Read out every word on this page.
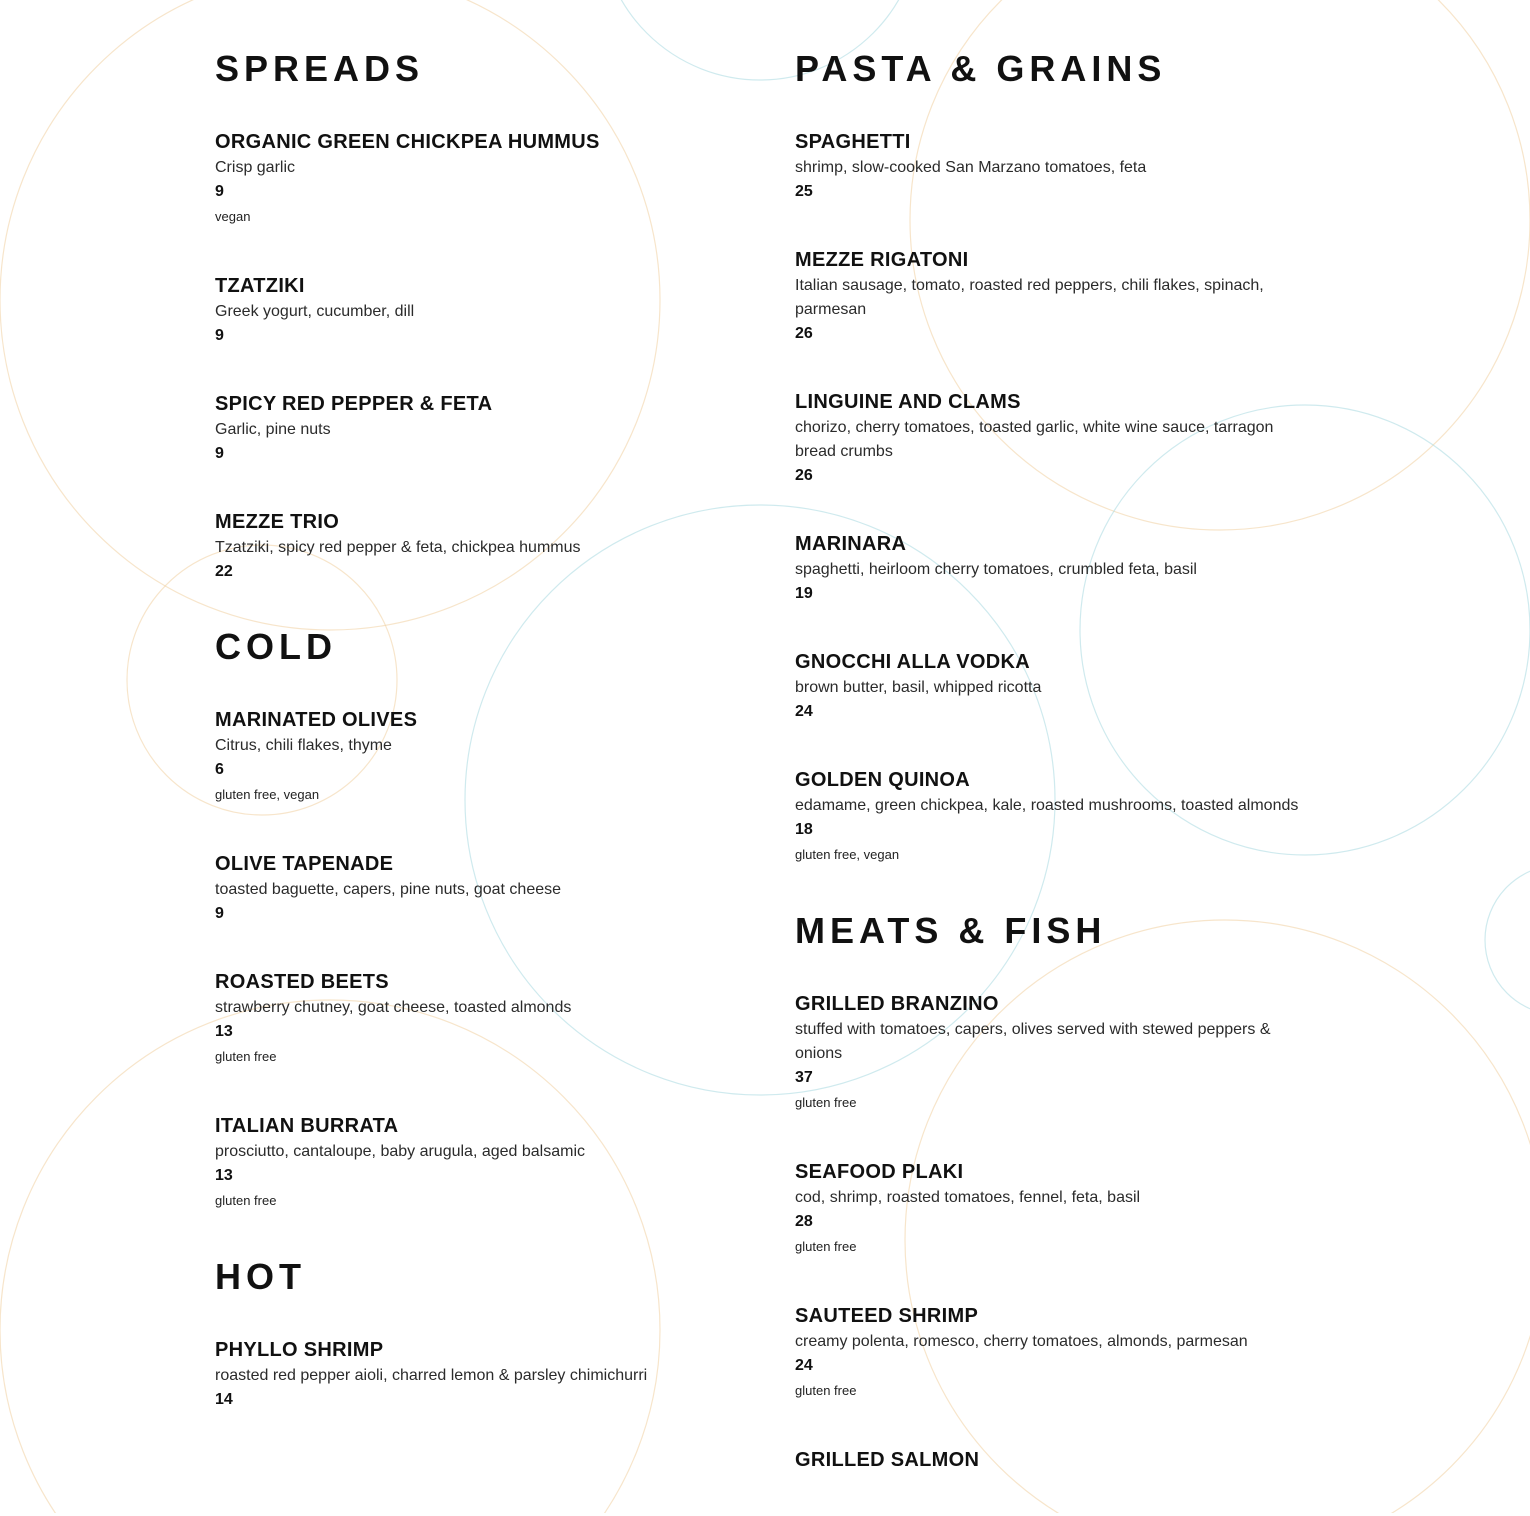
SPREADS

ORGANIC GREEN CHICKPEA HUMMUS

Crisp garlic

9

vegan

TZATZIKI

Greek yogurt, cucumber, dill

9

SPICY RED PEPPER & FETA

Garlic, pine nuts

9

MEZZE TRIO

Tzatziki, spicy red pepper & feta, chickpea hummus

22

COLD

MARINATED OLIVES

Citrus, chili flakes, thyme

6

gluten free, vegan

OLIVE TAPENADE

toasted baguette, capers, pine nuts, goat cheese

9

ROASTED BEETS

strawberry chutney, goat cheese, toasted almonds

13

gluten free

ITALIAN BURRATA

prosciutto, cantaloupe, baby arugula, aged balsamic

13

gluten free

HOT

PHYLLO SHRIMP

roasted red pepper aioli, charred lemon & parsley chimichurri

14

PASTA & GRAINS

SPAGHETTI

shrimp, slow-cooked San Marzano tomatoes, feta

25

MEZZE RIGATONI

Italian sausage, tomato, roasted red peppers, chili flakes, spinach, parmesan

26

LINGUINE AND CLAMS

chorizo, cherry tomatoes, toasted garlic, white wine sauce, tarragon bread crumbs

26

MARINARA

spaghetti, heirloom cherry tomatoes, crumbled feta, basil

19

GNOCCHI ALLA VODKA

brown butter, basil, whipped ricotta

24

GOLDEN QUINOA

edamame, green chickpea, kale, roasted mushrooms, toasted almonds

18

gluten free, vegan

MEATS & FISH

GRILLED BRANZINO

stuffed with tomatoes, capers, olives served with stewed peppers & onions

37

gluten free

SEAFOOD PLAKI

cod, shrimp, roasted tomatoes, fennel, feta, basil

28

gluten free

SAUTEED SHRIMP

creamy polenta, romesco, cherry tomatoes, almonds, parmesan

24

gluten free

GRILLED SALMON
